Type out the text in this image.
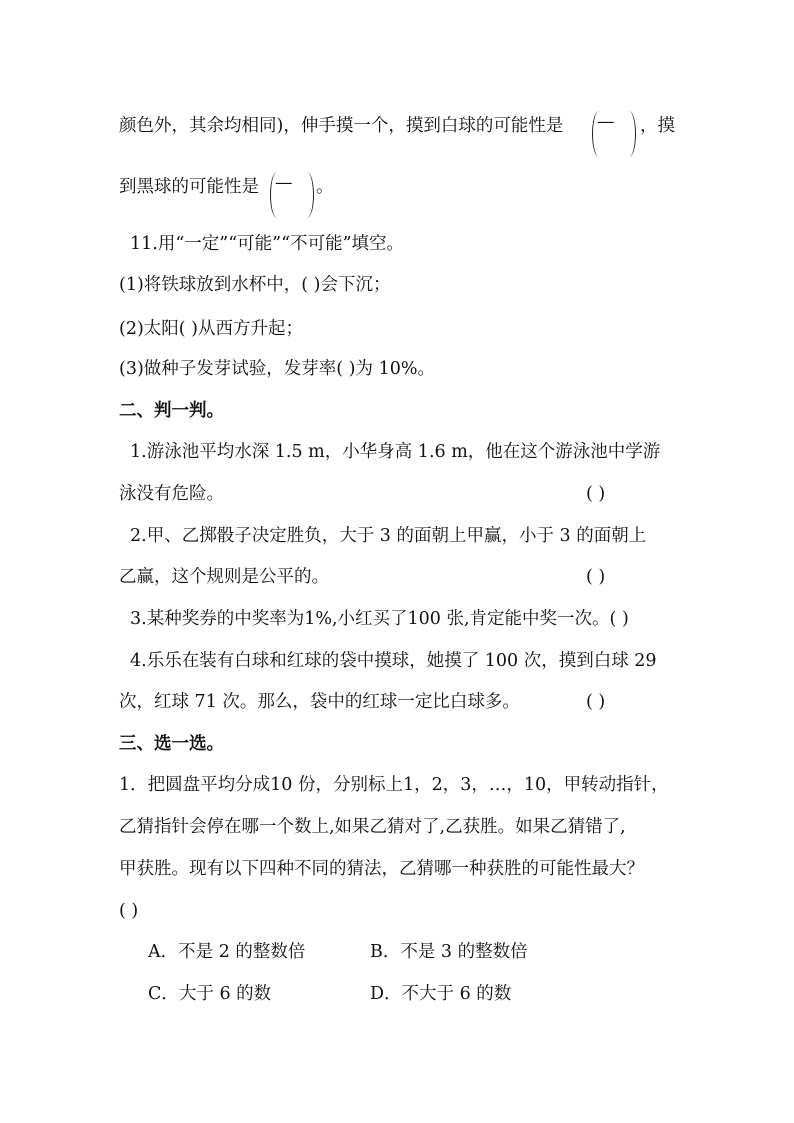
颜色外，其余均相同)，伸手摸一个，摸到白球的可能性是 — ，摸
到黑球的可能性是 — 。
11.用“一定”“可能”“不可能”填空。
(1)将铁球放到水杯中，( )会下沉；
(2)太阳( )从西方升起；
(3)做种子发芽试验，发芽率( )为 10%。
二、判一判。
1.游泳池平均水深 1.5 m，小华身高 1.6 m，他在这个游泳池中学游
泳没有危险。	( )
2.甲、乙掷骰子决定胜负，大于 3 的面朝上甲赢，小于 3 的面朝上
乙赢，这个规则是公平的。	( )
3.某种奖券的中奖率为1%,小红买了100 张,肯定能中奖一次。( )
4.乐乐在装有白球和红球的袋中摸球，她摸了 100 次，摸到白球 29
次，红球 71 次。那么，袋中的红球一定比白球多。	( )
三、选一选。
1．把圆盘平均分成10 份，分别标上1，2，3，…，10，甲转动指针，
乙猜指针会停在哪一个数上,如果乙猜对了,乙获胜。如果乙猜错了,
甲获胜。现有以下四种不同的猜法，乙猜哪一种获胜的可能性最大？
( )
A．不是 2 的整数倍	B．不是 3 的整数倍
C．大于 6 的数	D．不大于 6 的数
